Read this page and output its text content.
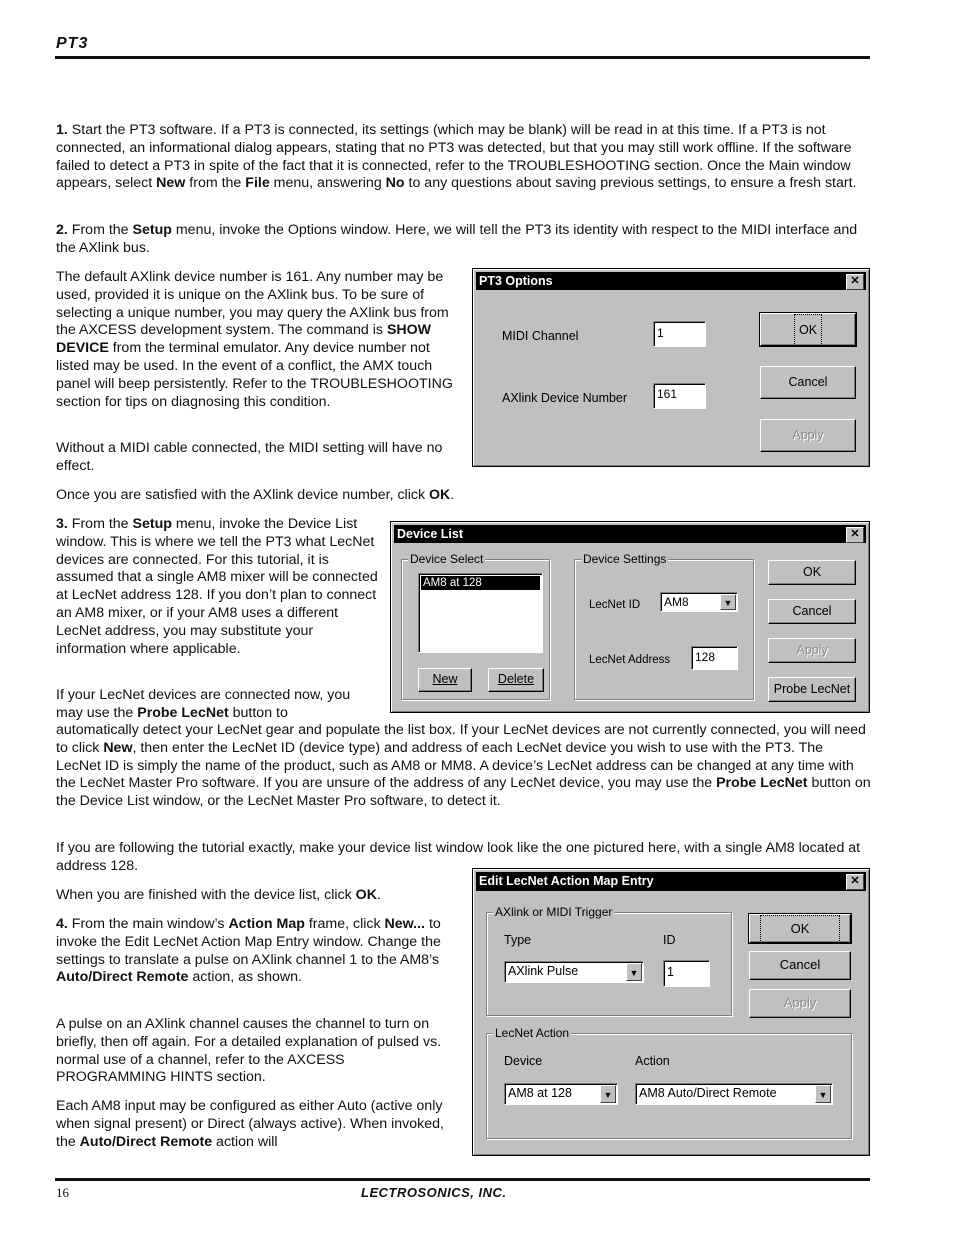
PT3

1. Start the PT3 software. If a PT3 is connected, its settings (which may be blank) will be read in at this time. If a PT3 is not connected, an informational dialog appears, stating that no PT3 was detected, but that you may still work offline. If the software failed to detect a PT3 in spite of the fact that it is connected, refer to the TROUBLESHOOTING section. Once the Main window appears, select New from the File menu, answering No to any questions about saving previous settings, to ensure a fresh start.

2. From the Setup menu, invoke the Options window. Here, we will tell the PT3 its identity with respect to the MIDI interface and the AXlink bus.

The default AXlink device number is 161. Any number may be used, provided it is unique on the AXlink bus. To be sure of selecting a unique number, you may query the AXlink bus from the AXCESS development system. The command is SHOW DEVICE from the terminal emulator. Any device number not listed may be used. In the event of a conflict, the AMX touch panel will beep persistently. Refer to the TROUBLESHOOTING section for tips on diagnosing this condition.

Without a MIDI cable connected, the MIDI setting will have no effect.

Once you are satisfied with the AXlink device number, click OK.

3. From the Setup menu, invoke the Device List window. This is where we tell the PT3 what LecNet devices are connected. For this tutorial, it is assumed that a single AM8 mixer will be connected at LecNet address 128. If you don’t plan to connect an AM8 mixer, or if your AM8 uses a different LecNet address, you may substitute your information where applicable.

If your LecNet devices are connected now, you may use the Probe LecNet button to

automatically detect your LecNet gear and populate the list box. If your LecNet devices are not currently connected, you will need to click New, then enter the LecNet ID (device type) and address of each LecNet device you wish to use with the PT3. The LecNet ID is simply the name of the product, such as AM8 or MM8. A device’s LecNet address can be changed at any time with the LecNet Master Pro software. If you are unsure of the address of any LecNet device, you may use the Probe LecNet button on the Device List window, or the LecNet Master Pro software, to detect it.

If you are following the tutorial exactly, make your device list window look like the one pictured here, with a single AM8 located at address 128.

When you are finished with the device list, click OK.

4. From the main window’s Action Map frame, click New... to invoke the Edit LecNet Action Map Entry window. Change the settings to translate a pulse on AXlink channel 1 to the AM8’s Auto/Direct Remote action, as shown.

A pulse on an AXlink channel causes the channel to turn on briefly, then off again. For a detailed explanation of pulsed vs. normal use of a channel, refer to the AXCESS PROGRAMMING HINTS section.

Each AM8 input may be configured as either Auto (active only when signal present) or Direct (always active). When invoked, the Auto/Direct Remote action will

PT3 Options	✕
MIDI Channel	1
AXlink Device Number	161
OK
Cancel
Apply
Device List	✕
Device Select
AM8 at 128
New	Delete
Device Settings
LecNet ID AM8	▼
LecNet Address	128
OK
Cancel
Apply
Probe LecNet
Edit LecNet Action Map Entry	✕
AXlink or MIDI Trigger
Type	ID
AXlink Pulse	▼	1
OK
Cancel
Apply
LecNet Action
Device	Action
AM8 at 128	▼ AM8 Auto/Direct Remote	▼
16	LECTROSONICS, INC.
